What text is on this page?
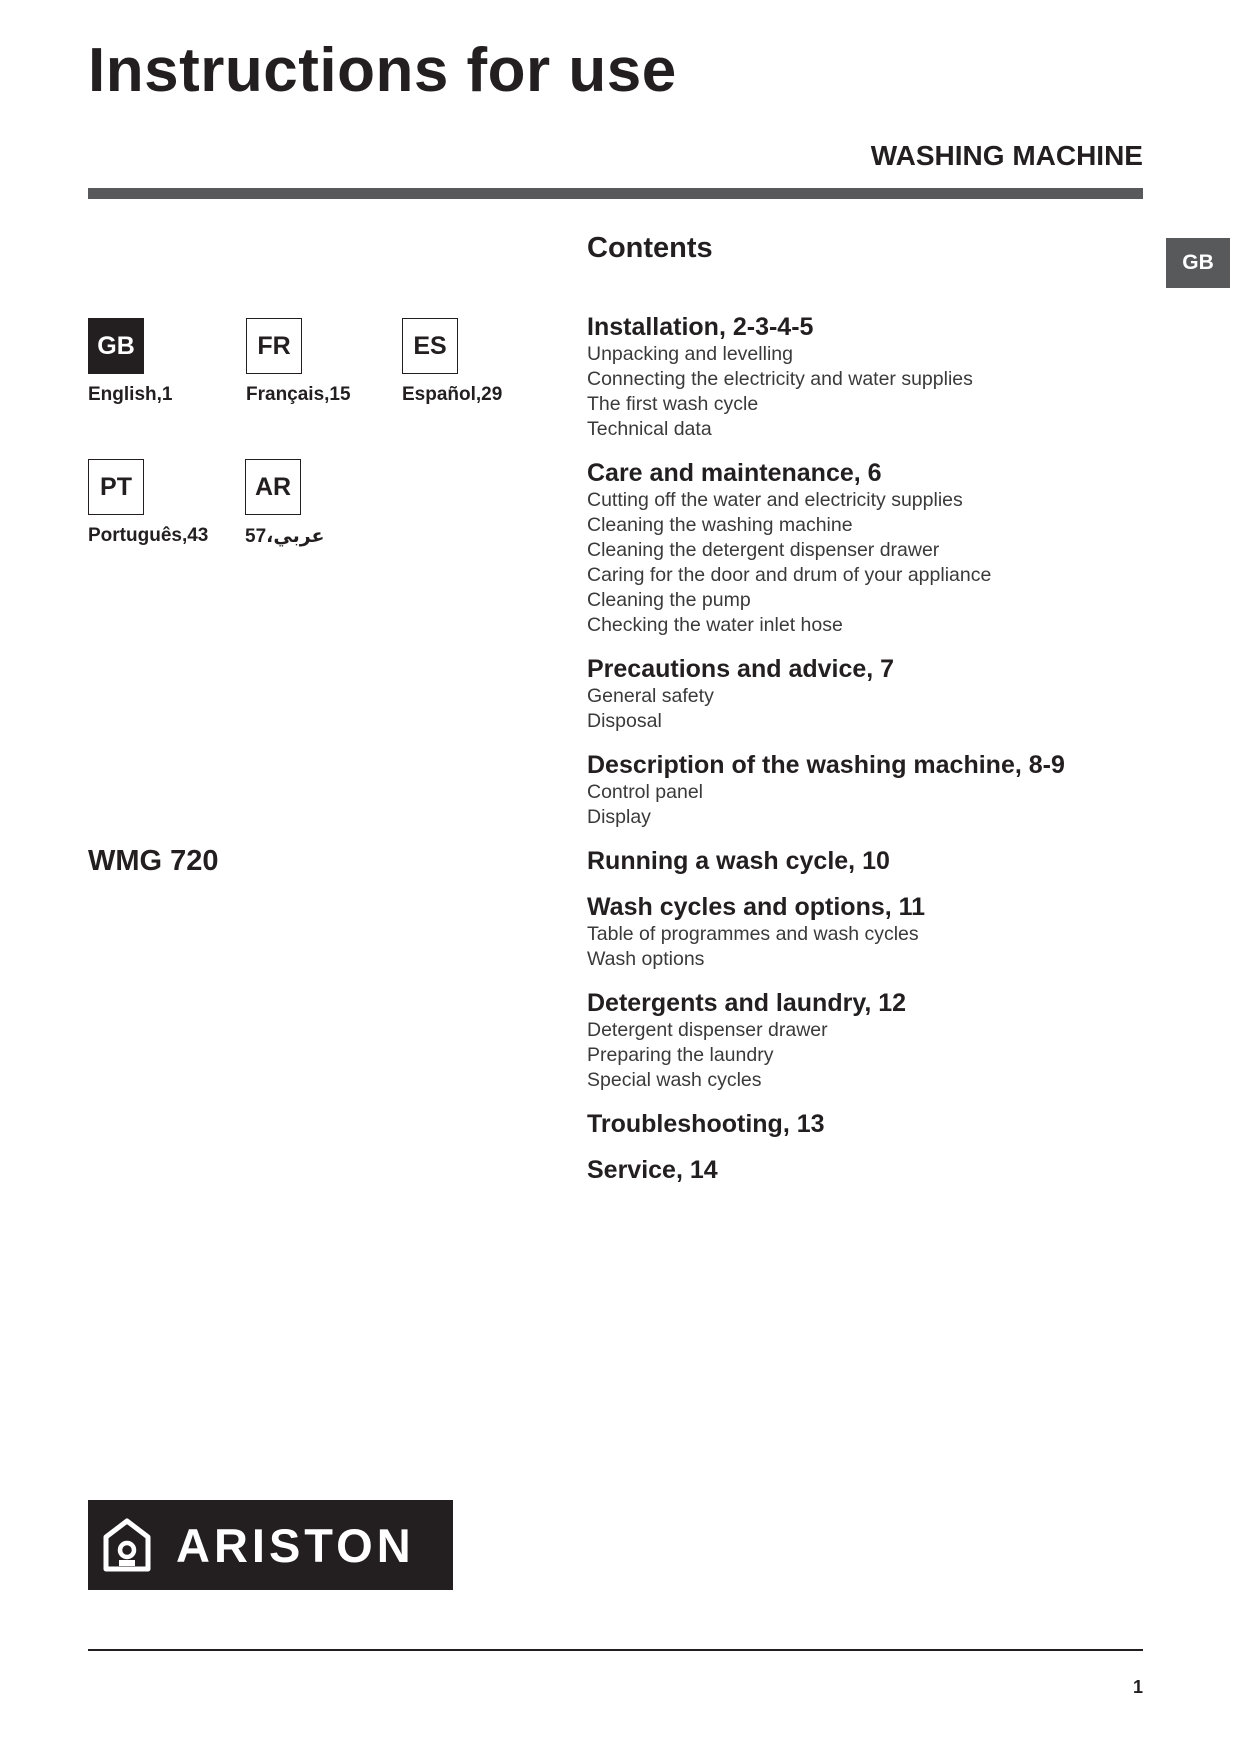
Instructions for use
WASHING MACHINE
GB
GB
English,1
FR
Français,15
ES
Español,29
PT
Português,43
AR
عربي،57
WMG 720
Contents
Installation, 2-3-4-5
Unpacking and levelling
Connecting the electricity and water supplies
The first wash cycle
Technical data
Care and maintenance, 6
Cutting off the water and electricity supplies
Cleaning the washing machine
Cleaning the detergent dispenser drawer
Caring for the door and drum of your appliance
Cleaning the pump
Checking the water inlet hose
Precautions and advice, 7
General safety
Disposal
Description of the washing machine, 8-9
Control panel
Display
Running a wash cycle, 10
Wash cycles and options, 11
Table of programmes and wash cycles
Wash options
Detergents and laundry, 12
Detergent dispenser drawer
Preparing the laundry
Special wash cycles
Troubleshooting, 13
Service, 14
ARISTON
1
